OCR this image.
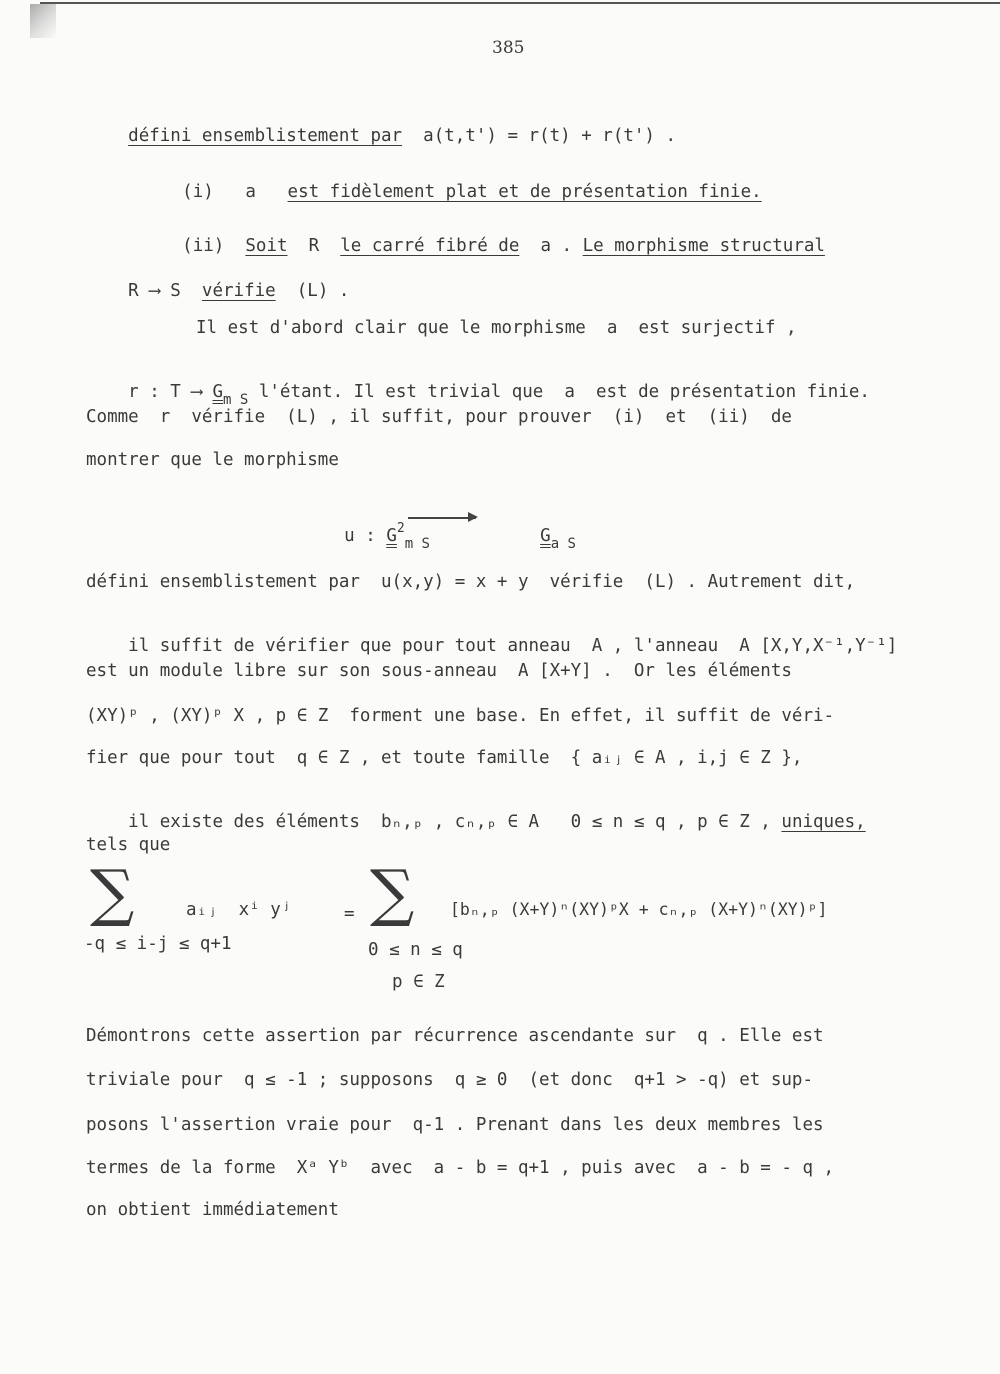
385

défini ensemblistement par a(t,t') = r(t) + r(t') .

(i) a est fidèlement plat et de présentation finie.

(ii) Soit R le carré fibré de a . Le morphisme structural

R ⟶ S vérifie (L) .

Il est d'abord clair que le morphisme  a  est surjectif ,

r : T ⟶ $G_{m S}$ l'étant. Il est trivial que  a  est de présentation finie.

Comme  r  vérifie  (L) , il suffit, pour prouver  (i)  et  (ii)  de
montrer que le morphisme

u : $G^2_{m S}$
	$G_{a S}$

défini ensemblistement par  u(x,y) = x + y  vérifie  (L) . Autrement dit,

il suffit de vérifier que pour tout anneau  A , l'anneau  A [X,Y,X⁻¹,Y⁻¹]

est un module libre sur son sous-anneau  A [X+Y] .  Or les éléments
(XY)ᵖ , (XY)ᵖ X , p ∈ Z  forment une base. En effet, il suffit de véri-
fier que pour tout  q ∈ Z , et toute famille  { aᵢⱼ ∈ A , i,j ∈ Z },

il existe des éléments  bₙ,ₚ , cₙ,ₚ ∈ A   0 ≤ n ≤ q , p ∈ Z , uniques,

tels que
∑	aᵢⱼ  xⁱ yʲ
-q ≤ i-j ≤ q+1
= ∑ [bₙ,ₚ (X+Y)ⁿ(XY)ᵖX + cₙ,ₚ (X+Y)ⁿ(XY)ᵖ]
0 ≤ n ≤ q
p ∈ Z
Démontrons cette assertion par récurrence ascendante sur  q . Elle est
triviale pour  q ≤ -1 ; supposons  q ≥ 0  (et donc  q+1 > -q) et sup-
posons l'assertion vraie pour  q-1 . Prenant dans les deux membres les
termes de la forme  Xᵃ Yᵇ  avec  a - b = q+1 , puis avec  a - b = - q ,
on obtient immédiatement
